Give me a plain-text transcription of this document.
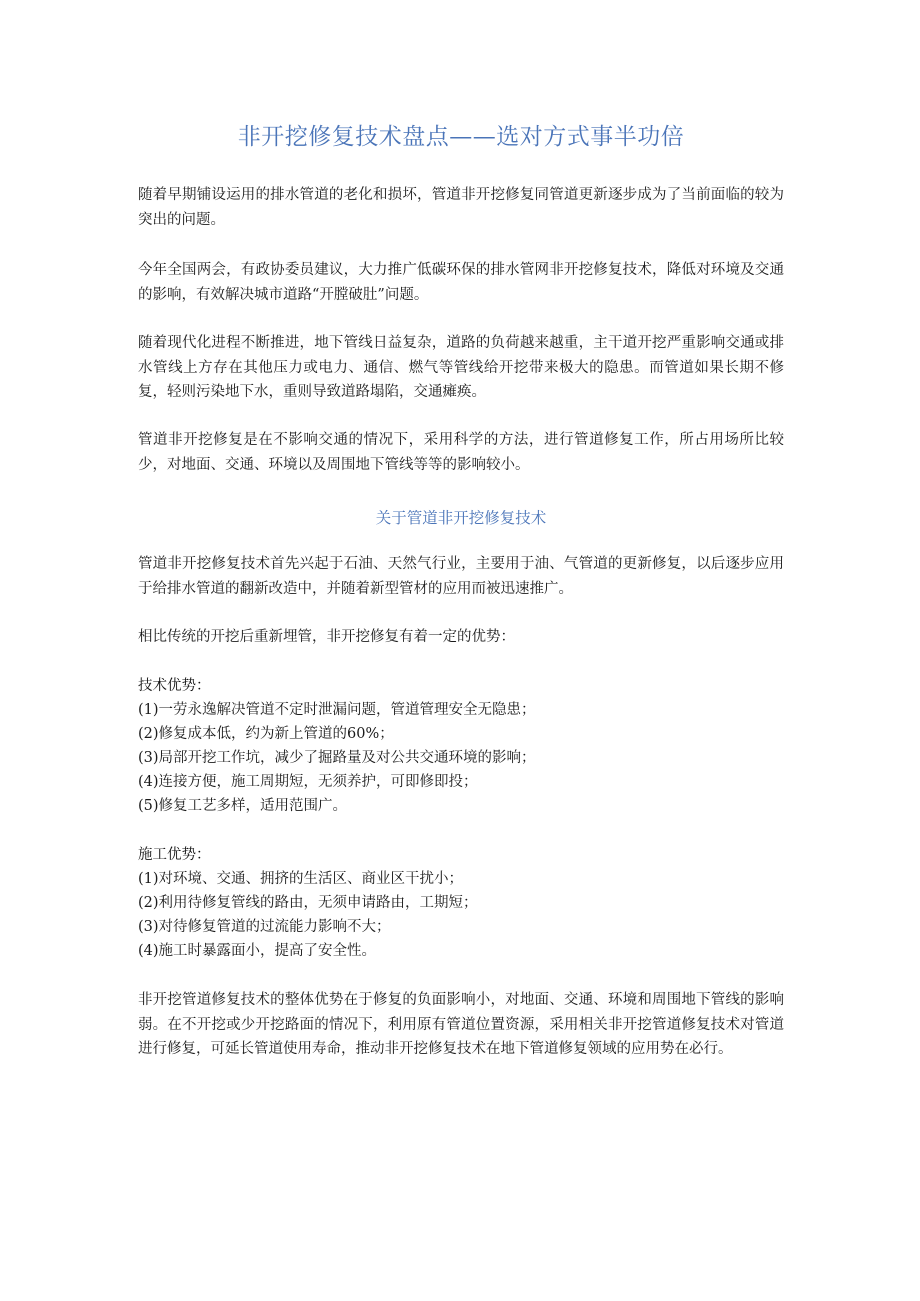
非开挖修复技术盘点——选对方式事半功倍

随着早期铺设运用的排水管道的老化和损坏，管道非开挖修复同管道更新逐步成为了当前面临的较为突出的问题。

今年全国两会，有政协委员建议，大力推广低碳环保的排水管网非开挖修复技术，降低对环境及交通的影响，有效解决城市道路“开膛破肚”问题。

随着现代化进程不断推进，地下管线日益复杂，道路的负荷越来越重，主干道开挖严重影响交通或排水管线上方存在其他压力或电力、通信、燃气等管线给开挖带来极大的隐患。而管道如果长期不修复，轻则污染地下水，重则导致道路塌陷，交通瘫痪。

管道非开挖修复是在不影响交通的情况下，采用科学的方法，进行管道修复工作，所占用场所比较少，对地面、交通、环境以及周围地下管线等等的影响较小。

关于管道非开挖修复技术

管道非开挖修复技术首先兴起于石油、天然气行业，主要用于油、气管道的更新修复，以后逐步应用于给排水管道的翻新改造中，并随着新型管材的应用而被迅速推广。

相比传统的开挖后重新埋管，非开挖修复有着一定的优势：

技术优势：
(1)一劳永逸解决管道不定时泄漏问题，管道管理安全无隐患；
(2)修复成本低，约为新上管道的60%；
(3)局部开挖工作坑，减少了掘路量及对公共交通环境的影响；
(4)连接方便，施工周期短，无须养护，可即修即投；
(5)修复工艺多样，适用范围广。
施工优势：
(1)对环境、交通、拥挤的生活区、商业区干扰小；
(2)利用待修复管线的路由，无须申请路由，工期短；
(3)对待修复管道的过流能力影响不大；
(4)施工时暴露面小，提高了安全性。

非开挖管道修复技术的整体优势在于修复的负面影响小，对地面、交通、环境和周围地下管线的影响弱。在不开挖或少开挖路面的情况下，利用原有管道位置资源，采用相关非开挖管道修复技术对管道进行修复，可延长管道使用寿命，推动非开挖修复技术在地下管道修复领域的应用势在必行。
